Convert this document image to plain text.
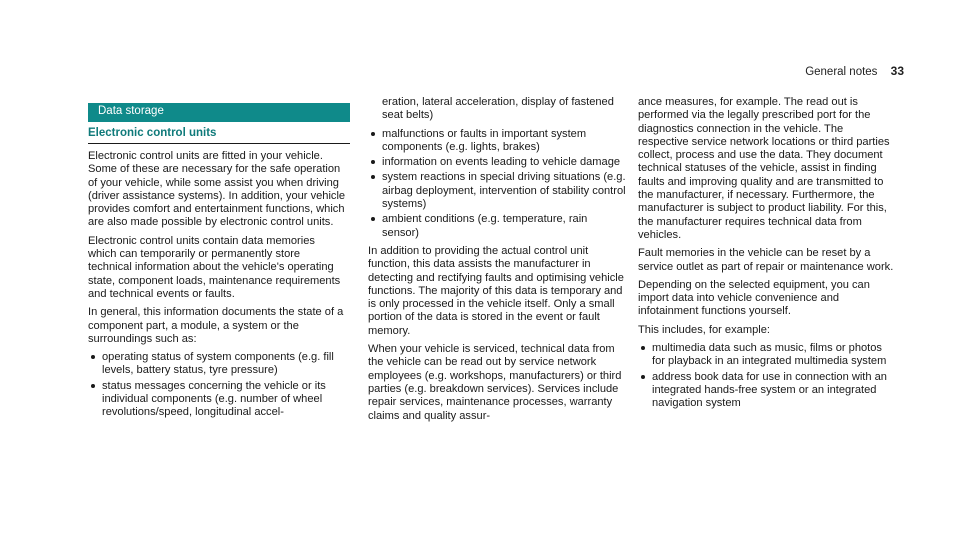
General notes 33
Data storage
Electronic control units

Electronic control units are fitted in your vehicle. Some of these are necessary for the safe operation of your vehicle, while some assist you when driving (driver assistance systems). In addition, your vehicle provides comfort and entertainment functions, which are also made possible by electronic control units.

Electronic control units contain data memories which can temporarily or permanently store technical information about the vehicle's operating state, component loads, maintenance requirements and technical events or faults.

In general, this information documents the state of a component part, a module, a system or the surroundings such as:

operating status of system components (e.g. fill levels, battery status, tyre pressure)
status messages concerning the vehicle or its individual components (e.g. number of wheel revolutions/speed, longitudinal accel-

eration, lateral acceleration, display of fastened seat belts)

malfunctions or faults in important system components (e.g. lights, brakes)
information on events leading to vehicle damage
system reactions in special driving situations (e.g. airbag deployment, intervention of stability control systems)
ambient conditions (e.g. temperature, rain sensor)

In addition to providing the actual control unit function, this data assists the manufacturer in detecting and rectifying faults and optimising vehicle functions. The majority of this data is temporary and is only processed in the vehicle itself. Only a small portion of the data is stored in the event or fault memory.

When your vehicle is serviced, technical data from the vehicle can be read out by service network employees (e.g. workshops, manufacturers) or third parties (e.g. breakdown services). Services include repair services, maintenance processes, warranty claims and quality assur-

ance measures, for example. The read out is performed via the legally prescribed port for the diagnostics connection in the vehicle. The respective service network locations or third parties collect, process and use the data. They document technical statuses of the vehicle, assist in finding faults and improving quality and are transmitted to the manufacturer, if necessary. Furthermore, the manufacturer is subject to product liability. For this, the manufacturer requires technical data from vehicles.

Fault memories in the vehicle can be reset by a service outlet as part of repair or maintenance work.

Depending on the selected equipment, you can import data into vehicle convenience and infotainment functions yourself.

This includes, for example:

multimedia data such as music, films or photos for playback in an integrated multimedia system
address book data for use in connection with an integrated hands-free system or an integrated navigation system
